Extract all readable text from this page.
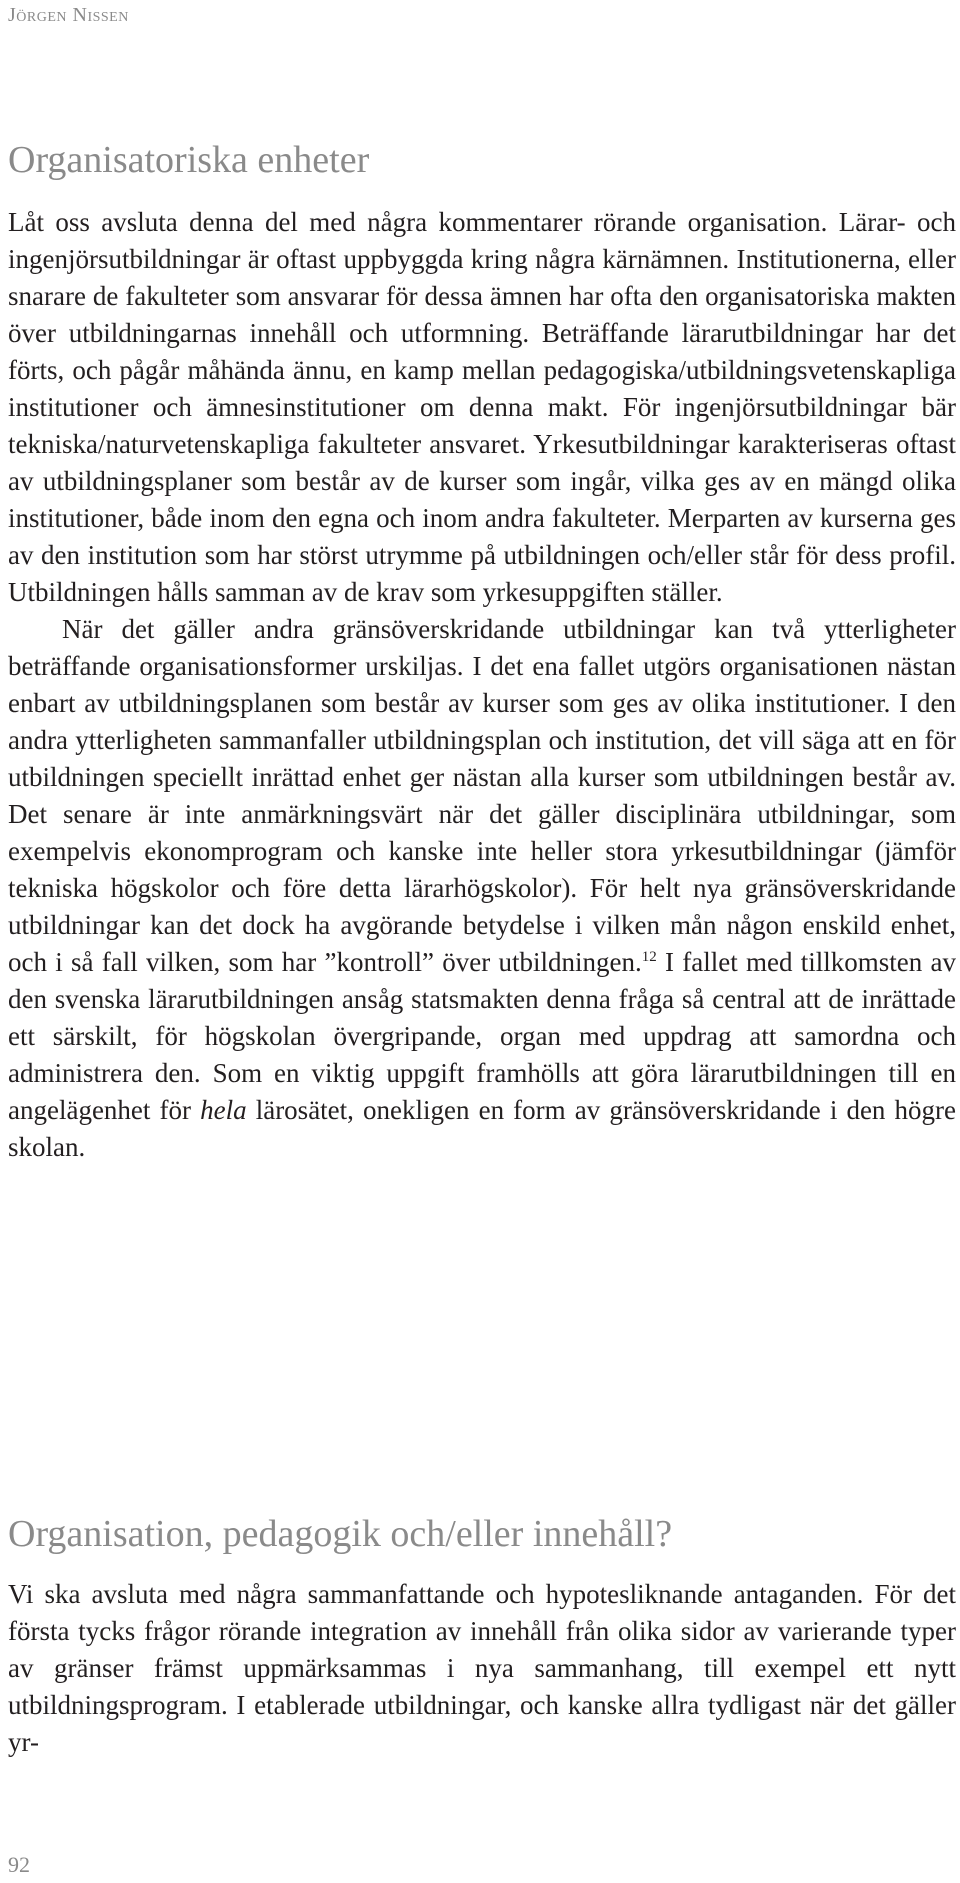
Jörgen Nissen
Organisatoriska enheter

Låt oss avsluta denna del med några kommentarer rörande organisation. Lärar- och ingenjörsutbildningar är oftast uppbyggda kring några kärnämnen. Institutionerna, eller snarare de fakulteter som ansvarar för dessa ämnen har ofta den organisatoriska makten över utbildningarnas innehåll och utformning. Beträffande lärarutbildningar har det förts, och pågår måhända ännu, en kamp mellan pedagogiska/utbildningsvetenskapliga institutioner och ämnesinstitutioner om denna makt. För ingenjörsutbildningar bär tekniska/naturvetenskapliga fakulteter ansvaret. Yrkesutbildningar karakteriseras oftast av utbildningsplaner som består av de kurser som ingår, vilka ges av en mängd olika institutioner, både inom den egna och inom andra fakulteter. Merparten av kurserna ges av den institution som har störst utrymme på utbildningen och/eller står för dess profil. Utbildningen hålls samman av de krav som yrkesuppgiften ställer.

När det gäller andra gränsöverskridande utbildningar kan två ytterligheter beträffande organisationsformer urskiljas. I det ena fallet utgörs organisationen nästan enbart av utbildningsplanen som består av kurser som ges av olika institutioner. I den andra ytterligheten sammanfaller utbildningsplan och institution, det vill säga att en för utbildningen speciellt inrättad enhet ger nästan alla kurser som utbildningen består av. Det senare är inte anmärkningsvärt när det gäller disciplinära utbildningar, som exempelvis ekonomprogram och kanske inte heller stora yrkesutbildningar (jämför tekniska högskolor och före detta lärarhögskolor). För helt nya gränsöverskridande utbildningar kan det dock ha avgörande betydelse i vilken mån någon enskild enhet, och i så fall vilken, som har ”kontroll” över utbildningen.$^{12}$ I fallet med tillkomsten av den svenska lärarutbildningen ansåg statsmakten denna fråga så central att de inrättade ett särskilt, för högskolan övergripande, organ med uppdrag att samordna och administrera den. Som en viktig uppgift framhölls att göra lärarutbildningen till en angelägenhet för hela lärosätet, onekligen en form av gränsöverskridande i den högre skolan.

Organisation, pedagogik och/eller innehåll?

Vi ska avsluta med några sammanfattande och hypotesliknande antaganden. För det första tycks frågor rörande integration av innehåll från olika sidor av varierande typer av gränser främst uppmärksammas i nya sammanhang, till exempel ett nytt utbildningsprogram. I etablerade utbildningar, och kanske allra tydligast när det gäller yr-

92
